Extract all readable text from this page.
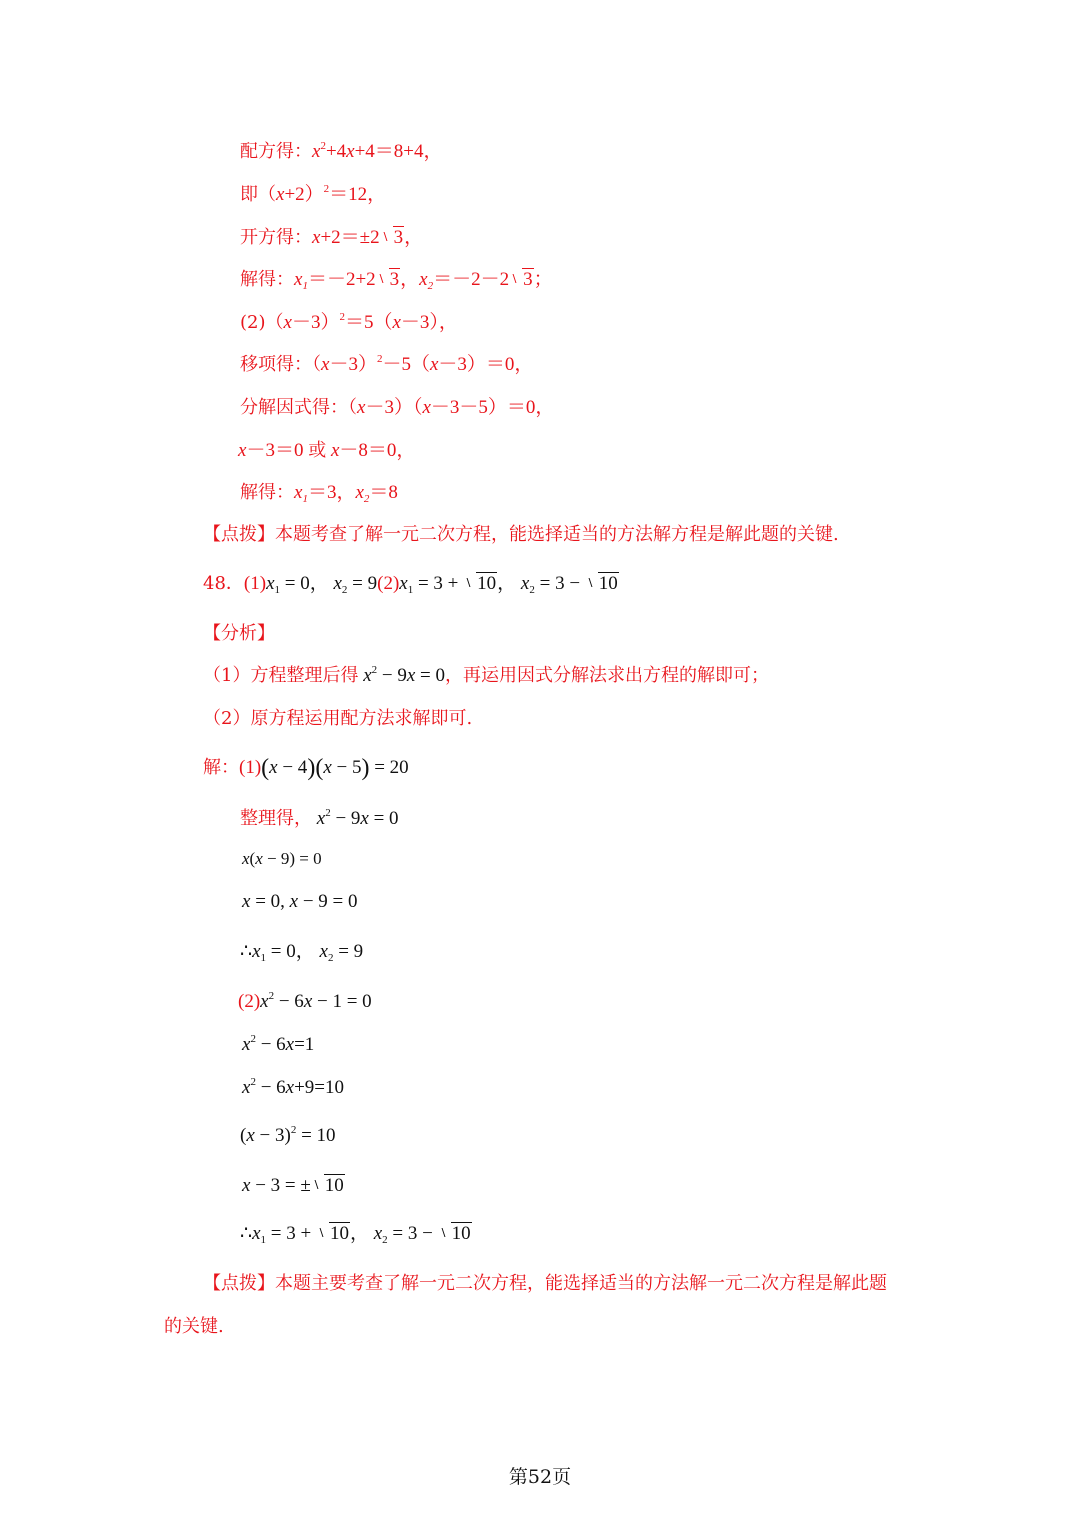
配方得：$x^2+4x+4=8+4$，
即$(x+2)^2=12$，
开方得：x+2＝±2 3，
解得：$x_1=-2+2$ 3，$x_2=-2-2$ 3；
$(2)(x-3)^2=5(x-3)$，
移项得：$(x-3)^2-5(x-3)=0$，
分解因式得：（x－3）（x－3－5）＝0，
x－3＝0 或 x－8＝0，
解得：$x_1=3$，$x_2=8$
【点拨】本题考查了解一元二次方程，能选择适当的方法解方程是解此题的关键.
48．$(1)x_1 = 0$， $x_2 = 9(2)x_1 = 3 + 10$， $x_2 = 3 - 10$
【分析】
（1）方程整理后得 $x^2 - 9x = 0$，再运用因式分解法求出方程的解即可；
（2）原方程运用配方法求解即可.
解：(1)(x − 4)(x − 5) = 20
整理得， $x^2 - 9x = 0$
x(x − 9) = 0
x = 0, x − 9 = 0
$\therefore x_1 = 0$， $x_2 = 9$
$(2)x^2 - 6x - 1 = 0$
$x^2 - 6x=1$
$x^2 - 6x+9=10$
$(x - 3)^2 = 10$
x − 3 = ± 10
$\therefore x_1 = 3 + 10$， $x_2 = 3 - 10$
【点拨】本题主要考查了解一元二次方程，能选择适当的方法解一元二次方程是解此题
的关键.
第52页
